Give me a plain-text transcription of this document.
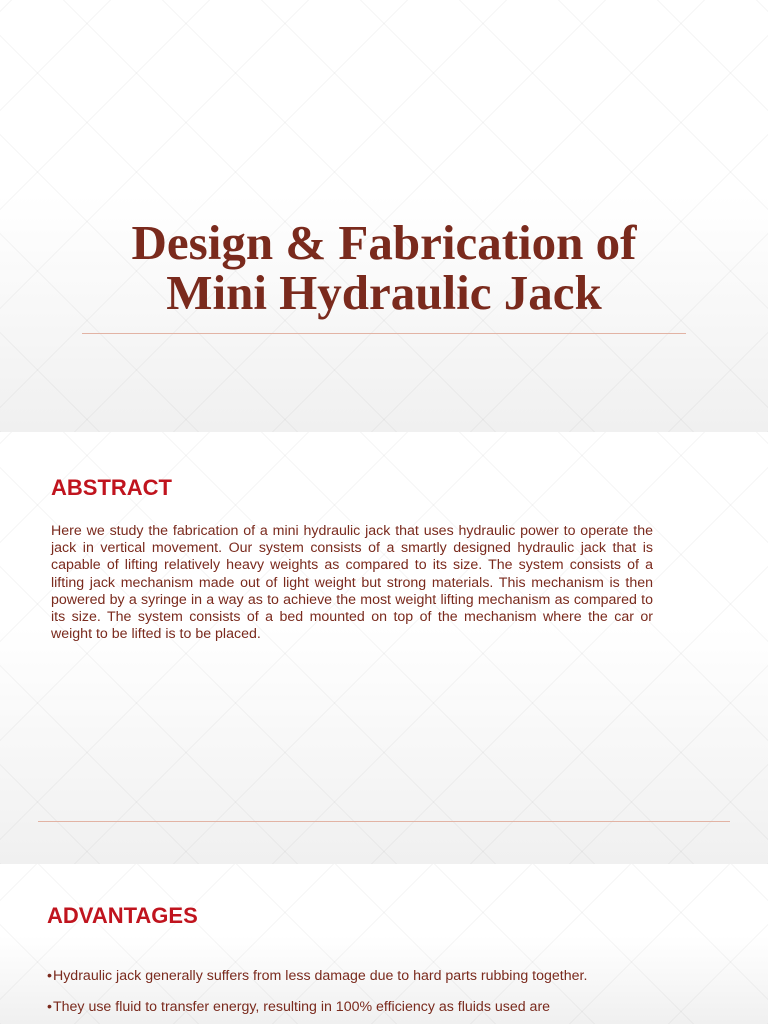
Design & Fabrication of
Mini Hydraulic Jack
ABSTRACT

Here we study the fabrication of a mini hydraulic jack that uses hydraulic power to operate the jack in vertical movement. Our system consists of a smartly designed hydraulic jack that is capable of lifting relatively heavy weights as compared to its size. The system consists of a lifting jack mechanism made out of light weight but strong materials. This mechanism is then powered by a syringe in a way as to achieve the most weight lifting mechanism as compared to its size. The system consists of a bed mounted on top of the mechanism where the car or weight to be lifted is to be placed.

ADVANTAGES
•Hydraulic jack generally suffers from less damage due to hard parts rubbing together.
•They use fluid to transfer energy, resulting in 100% efficiency as fluids used are
